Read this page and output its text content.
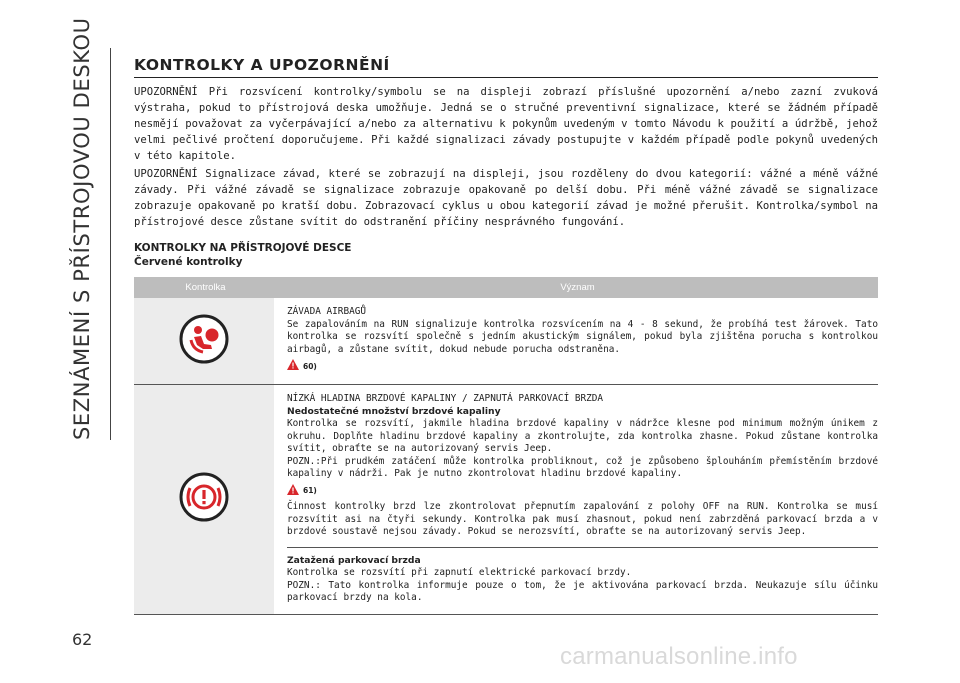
SEZNÁMENÍ S PŘÍSTROJOVOU DESKOU
62
KONTROLKY A UPOZORNĚNÍ

UPOZORNĚNÍ Při rozsvícení kontrolky/symbolu se na displeji zobrazí příslušné upozornění a/nebo zazní zvuková výstraha, pokud to přístrojová deska umožňuje. Jedná se o stručné preventivní signalizace, které se žádném případě nesmějí považovat za vyčerpávající a/nebo za alternativu k pokynům uvedeným v tomto Návodu k použití a údržbě, jehož velmi pečlivé pročtení doporučujeme. Při každé signalizaci závady postupujte v každém případě podle pokynů uvedených v této kapitole.

UPOZORNĚNÍ Signalizace závad, které se zobrazují na displeji, jsou rozděleny do dvou kategorií: vážné a méně vážné závady. Při vážné závadě se signalizace zobrazuje opakovaně po delší dobu. Při méně vážné závadě se signalizace zobrazuje opakovaně po kratší dobu. Zobrazovací cyklus u obou kategorií závad je možné přerušit. Kontrolka/symbol na přístrojové desce zůstane svítit do odstranění příčiny nesprávného fungování.

KONTROLKY NA PŘÍSTROJOVÉ DESCE

Červené kontrolky

Kontrolka	Význam

ZÁVADA AIRBAGŮ

Se zapalováním na RUN signalizuje kontrolka rozsvícením na 4 - 8 sekund, že probíhá test žárovek. Tato kontrolka se rozsvítí společně s jedním akustickým signálem, pokud byla zjištěna porucha s kontrolkou airbagů, a zůstane svítit, dokud nebude porucha odstraněna.

60)

NÍZKÁ HLADINA BRZDOVÉ KAPALINY / ZAPNUTÁ PARKOVACÍ BRZDA

Nedostatečné množství brzdové kapaliny

Kontrolka se rozsvítí, jakmile hladina brzdové kapaliny v nádržce klesne pod minimum možným únikem z okruhu. Doplňte hladinu brzdové kapaliny a zkontrolujte, zda kontrolka zhasne. Pokud zůstane kontrolka svítit, obraťte se na autorizovaný servis Jeep.

POZN.:Při prudkém zatáčení může kontrolka probliknout, což je způsobeno šplouháním přemístěním brzdové kapaliny v nádrži. Pak je nutno zkontrolovat hladinu brzdové kapaliny.

61)

Činnost kontrolky brzd lze zkontrolovat přepnutím zapalování z polohy OFF na RUN. Kontrolka se musí rozsvítit asi na čtyři sekundy. Kontrolka pak musí zhasnout, pokud není zabrzděná parkovací brzda a v brzdové soustavě nejsou závady. Pokud se nerozsvítí, obraťte se na autorizovaný servis Jeep.

Zatažená parkovací brzda

Kontrolka se rozsvítí při zapnutí elektrické parkovací brzdy.

POZN.: Tato kontrolka informuje pouze o tom, že je aktivována parkovací brzda. Neukazuje sílu účinku parkovací brzdy na kola.

carmanualsonline.info
